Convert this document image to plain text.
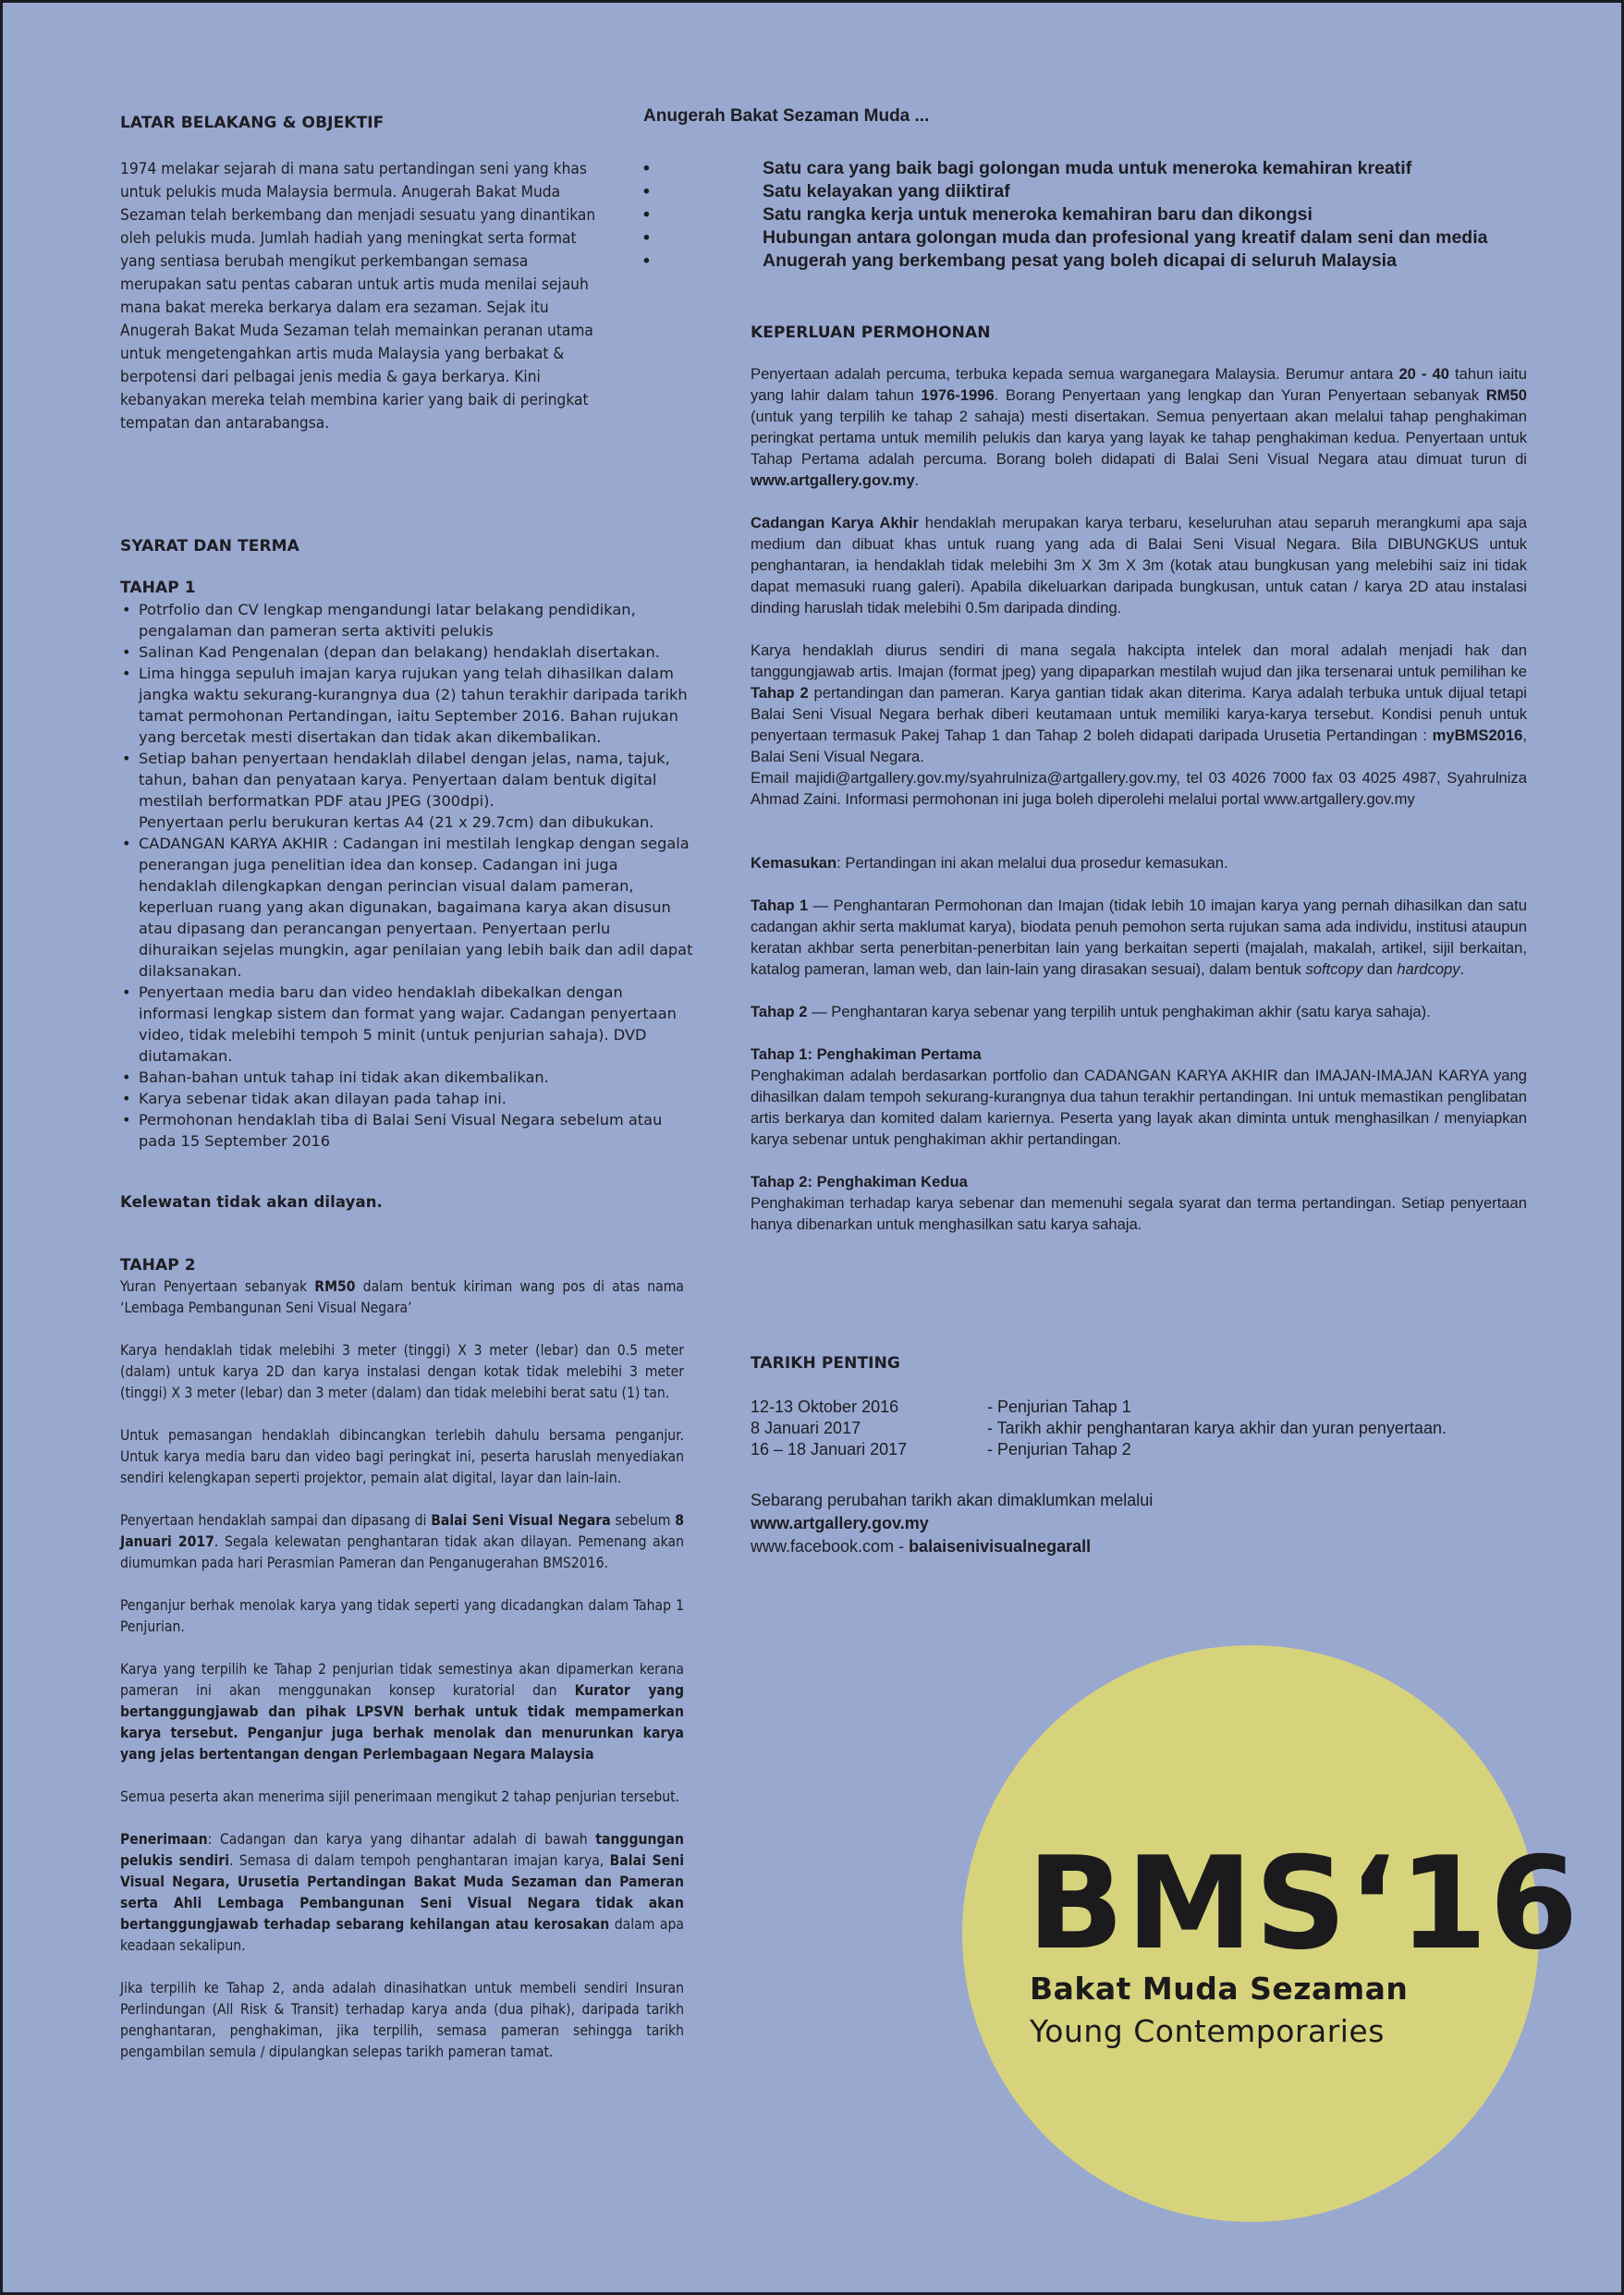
LATAR BELAKANG & OBJEKTIF

1974 melakar sejarah di mana satu pertandingan seni yang khas untuk pelukis muda Malaysia bermula. Anugerah Bakat Muda Sezaman telah berkembang dan menjadi sesuatu yang dinantikan oleh pelukis muda. Jumlah hadiah yang meningkat serta format yang sentiasa berubah mengikut perkembangan semasa merupakan satu pentas cabaran untuk artis muda menilai sejauh mana bakat mereka berkarya dalam era sezaman. Sejak itu Anugerah Bakat Muda Sezaman telah memainkan peranan utama untuk mengetengahkan artis muda Malaysia yang berbakat & berpotensi dari pelbagai jenis media & gaya berkarya. Kini kebanyakan mereka telah membina karier yang baik di peringkat tempatan dan antarabangsa.

SYARAT DAN TERMA
TAHAP 1
• Potrfolio dan CV lengkap mengandungi latar belakang pendidikan, pengalaman dan pameran serta aktiviti pelukis
• Salinan Kad Pengenalan (depan dan belakang) hendaklah disertakan.
• Lima hingga sepuluh imajan karya rujukan yang telah dihasilkan dalam jangka waktu sekurang-kurangnya dua (2) tahun terakhir daripada tarikh tamat permohonan Pertandingan, iaitu September 2016. Bahan rujukan yang bercetak mesti disertakan dan tidak akan dikembalikan.
• Setiap bahan penyertaan hendaklah dilabel dengan jelas, nama, tajuk, tahun, bahan dan penyataan karya. Penyertaan dalam bentuk digital mestilah berformatkan PDF atau JPEG (300dpi).
Penyertaan perlu berukuran kertas A4 (21 x 29.7cm) dan dibukukan.
• CADANGAN KARYA AKHIR : Cadangan ini mestilah lengkap dengan segala penerangan juga penelitian idea dan konsep. Cadangan ini juga hendaklah dilengkapkan dengan perincian visual dalam pameran, keperluan ruang yang akan digunakan, bagaimana karya akan disusun atau dipasang dan perancangan penyertaan. Penyertaan perlu dihuraikan sejelas mungkin, agar penilaian yang lebih baik dan adil dapat dilaksanakan.
• Penyertaan media baru dan video hendaklah dibekalkan dengan informasi lengkap sistem dan format yang wajar. Cadangan penyertaan video, tidak melebihi tempoh 5 minit (untuk penjurian sahaja). DVD diutamakan.
• Bahan-bahan untuk tahap ini tidak akan dikembalikan.
• Karya sebenar tidak akan dilayan pada tahap ini.
• Permohonan hendaklah tiba di Balai Seni Visual Negara sebelum atau pada 15 September 2016
Kelewatan tidak akan dilayan.
TAHAP 2

Yuran Penyertaan sebanyak RM50 dalam bentuk kiriman wang pos di atas nama ‘Lembaga Pembangunan Seni Visual Negara’

Karya hendaklah tidak melebihi 3 meter (tinggi) X 3 meter (lebar) dan 0.5 meter (dalam) untuk karya 2D dan karya instalasi dengan kotak tidak melebihi 3 meter (tinggi) X 3 meter (lebar) dan 3 meter (dalam) dan tidak melebihi berat satu (1) tan.

Untuk pemasangan hendaklah dibincangkan terlebih dahulu bersama penganjur. Untuk karya media baru dan video bagi peringkat ini, peserta haruslah menyediakan sendiri kelengkapan seperti projektor, pemain alat digital, layar dan lain-lain.

Penyertaan hendaklah sampai dan dipasang di Balai Seni Visual Negara sebelum 8 Januari 2017. Segala kelewatan penghantaran tidak akan dilayan. Pemenang akan diumumkan pada hari Perasmian Pameran dan Penganugerahan BMS2016.

Penganjur berhak menolak karya yang tidak seperti yang dicadangkan dalam Tahap 1 Penjurian.

Karya yang terpilih ke Tahap 2 penjurian tidak semestinya akan dipamerkan kerana pameran ini akan menggunakan konsep kuratorial dan Kurator yang bertanggungjawab dan pihak LPSVN berhak untuk tidak mempamerkan karya tersebut. Penganjur juga berhak menolak dan menurunkan karya yang jelas bertentangan dengan Perlembagaan Negara Malaysia

Semua peserta akan menerima sijil penerimaan mengikut 2 tahap penjurian tersebut.

Penerimaan: Cadangan dan karya yang dihantar adalah di bawah tanggungan pelukis sendiri. Semasa di dalam tempoh penghantaran imajan karya, Balai Seni Visual Negara, Urusetia Pertandingan Bakat Muda Sezaman dan Pameran serta Ahli Lembaga Pembangunan Seni Visual Negara tidak akan bertanggungjawab terhadap sebarang kehilangan atau kerosakan dalam apa keadaan sekalipun.

Jika terpilih ke Tahap 2, anda adalah dinasihatkan untuk membeli sendiri Insuran Perlindungan (All Risk & Transit) terhadap karya anda (dua pihak), daripada tarikh penghantaran, penghakiman, jika terpilih, semasa pameran sehingga tarikh pengambilan semula / dipulangkan selepas tarikh pameran tamat.

Anugerah Bakat Sezaman Muda ...
•	Satu cara yang baik bagi golongan muda untuk meneroka kemahiran kreatif
•	Satu kelayakan yang diiktiraf
•	Satu rangka kerja untuk meneroka kemahiran baru dan dikongsi
•	Hubungan antara golongan muda dan profesional yang kreatif dalam seni dan media
•	Anugerah yang berkembang pesat yang boleh dicapai di seluruh Malaysia
KEPERLUAN PERMOHONAN

Penyertaan adalah percuma, terbuka kepada semua warganegara Malaysia. Berumur antara 20 - 40 tahun iaitu yang lahir dalam tahun 1976-1996. Borang Penyertaan yang lengkap dan Yuran Penyertaan sebanyak RM50 (untuk yang terpilih ke tahap 2 sahaja) mesti disertakan. Semua penyertaan akan melalui tahap penghakiman peringkat pertama untuk memilih pelukis dan karya yang layak ke tahap penghakiman kedua. Penyertaan untuk Tahap Pertama adalah percuma. Borang boleh didapati di Balai Seni Visual Negara atau dimuat turun di www.artgallery.gov.my.

Cadangan Karya Akhir hendaklah merupakan karya terbaru, keseluruhan atau separuh merangkumi apa saja medium dan dibuat khas untuk ruang yang ada di Balai Seni Visual Negara. Bila DIBUNGKUS untuk penghantaran, ia hendaklah tidak melebihi 3m X 3m X 3m (kotak atau bungkusan yang melebihi saiz ini tidak dapat memasuki ruang galeri). Apabila dikeluarkan daripada bungkusan, untuk catan / karya 2D atau instalasi dinding haruslah tidak melebihi 0.5m daripada dinding.

Karya hendaklah diurus sendiri di mana segala hakcipta intelek dan moral adalah menjadi hak dan tanggungjawab artis. Imajan (format jpeg) yang dipaparkan mestilah wujud dan jika tersenarai untuk pemilihan ke Tahap 2 pertandingan dan pameran. Karya gantian tidak akan diterima. Karya adalah terbuka untuk dijual tetapi Balai Seni Visual Negara berhak diberi keutamaan untuk memiliki karya-karya tersebut. Kondisi penuh untuk penyertaan termasuk Pakej Tahap 1 dan Tahap 2 boleh didapati daripada Urusetia Pertandingan : myBMS2016, Balai Seni Visual Negara.
Email majidi@artgallery.gov.my/syahrulniza@artgallery.gov.my, tel 03 4026 7000 fax 03 4025 4987, Syahrulniza Ahmad Zaini. Informasi permohonan ini juga boleh diperolehi melalui portal www.artgallery.gov.my

Kemasukan: Pertandingan ini akan melalui dua prosedur kemasukan.

Tahap 1 — Penghantaran Permohonan dan Imajan (tidak lebih 10 imajan karya yang pernah dihasilkan dan satu cadangan akhir serta maklumat karya), biodata penuh pemohon serta rujukan sama ada individu, institusi ataupun keratan akhbar serta penerbitan-penerbitan lain yang berkaitan seperti (majalah, makalah, artikel, sijil berkaitan, katalog pameran, laman web, dan lain-lain yang dirasakan sesuai), dalam bentuk softcopy dan hardcopy.

Tahap 2 — Penghantaran karya sebenar yang terpilih untuk penghakiman akhir (satu karya sahaja).

Tahap 1: Penghakiman Pertama

Penghakiman adalah berdasarkan portfolio dan CADANGAN KARYA AKHIR dan IMAJAN-IMAJAN KARYA yang dihasilkan dalam tempoh sekurang-kurangnya dua tahun terakhir pertandingan. Ini untuk memastikan penglibatan artis berkarya dan komited dalam kariernya. Peserta yang layak akan diminta untuk menghasilkan / menyiapkan karya sebenar untuk penghakiman akhir pertandingan.

Tahap 2: Penghakiman Kedua

Penghakiman terhadap karya sebenar dan memenuhi segala syarat dan terma pertandingan. Setiap penyertaan hanya dibenarkan untuk menghasilkan satu karya sahaja.

TARIKH PENTING
12-13 Oktober 2016	- Penjurian Tahap 1
8 Januari 2017	- Tarikh akhir penghantaran karya akhir dan yuran penyertaan.
16 – 18 Januari 2017	- Penjurian Tahap 2
Sebarang perubahan tarikh akan dimaklumkan melalui
www.artgallery.gov.my
www.facebook.com - balaisenivisualnegarall
BMS‘16
Bakat Muda Sezaman
Young Contemporaries
